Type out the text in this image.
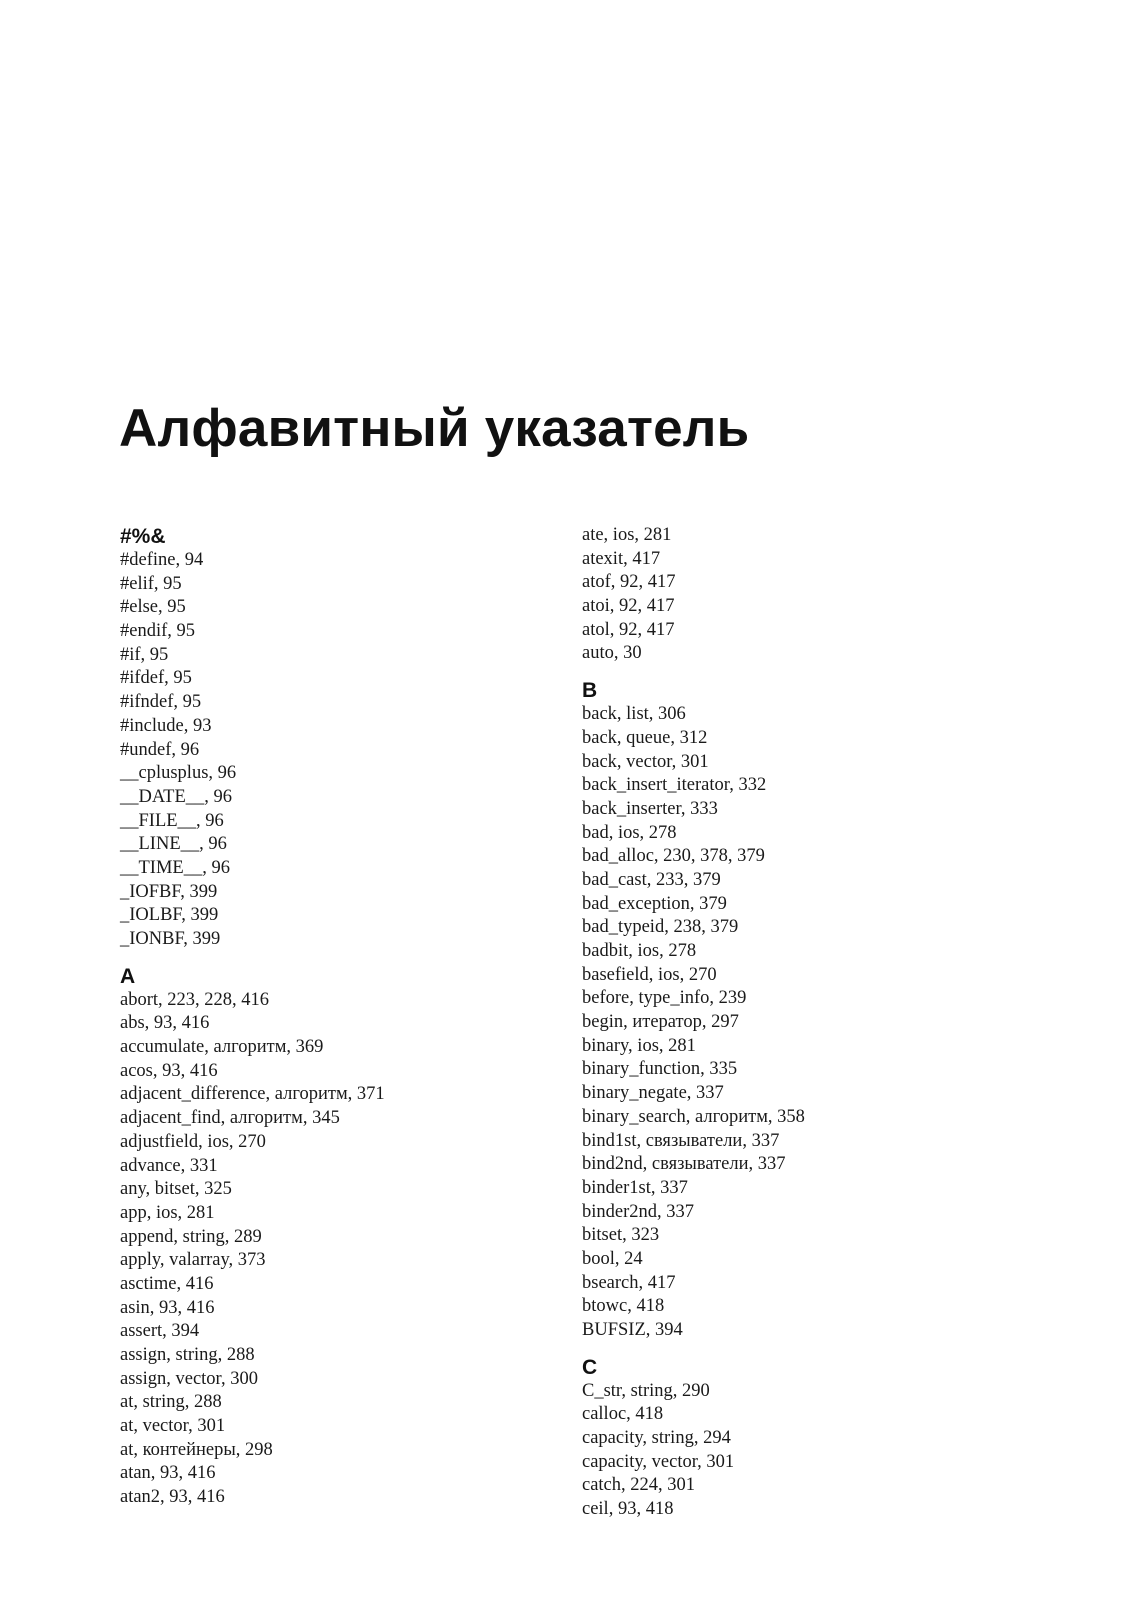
Алфавитный указатель
#%&
#define, 94
#elif, 95
#else, 95
#endif, 95
#if, 95
#ifdef, 95
#ifndef, 95
#include, 93
#undef, 96
__cplusplus, 96
__DATE__, 96
__FILE__, 96
__LINE__, 96
__TIME__, 96
_IOFBF, 399
_IOLBF, 399
_IONBF, 399
A
abort, 223, 228, 416
abs, 93, 416
accumulate, алгоритм, 369
acos, 93, 416
adjacent_difference, алгоритм, 371
adjacent_find, алгоритм, 345
adjustfield, ios, 270
advance, 331
any, bitset, 325
app, ios, 281
append, string, 289
apply, valarray, 373
asctime, 416
asin, 93, 416
assert, 394
assign, string, 288
assign, vector, 300
at, string, 288
at, vector, 301
at, контейнеры, 298
atan, 93, 416
atan2, 93, 416
ate, ios, 281
atexit, 417
atof, 92, 417
atoi, 92, 417
atol, 92, 417
auto, 30
B
back, list, 306
back, queue, 312
back, vector, 301
back_insert_iterator, 332
back_inserter, 333
bad, ios, 278
bad_alloc, 230, 378, 379
bad_cast, 233, 379
bad_exception, 379
bad_typeid, 238, 379
badbit, ios, 278
basefield, ios, 270
before, type_info, 239
begin, итератор, 297
binary, ios, 281
binary_function, 335
binary_negate, 337
binary_search, алгоритм, 358
bind1st, связыватели, 337
bind2nd, связыватели, 337
binder1st, 337
binder2nd, 337
bitset, 323
bool, 24
bsearch, 417
btowc, 418
BUFSIZ, 394
C
C_str, string, 290
calloc, 418
capacity, string, 294
capacity, vector, 301
catch, 224, 301
ceil, 93, 418
